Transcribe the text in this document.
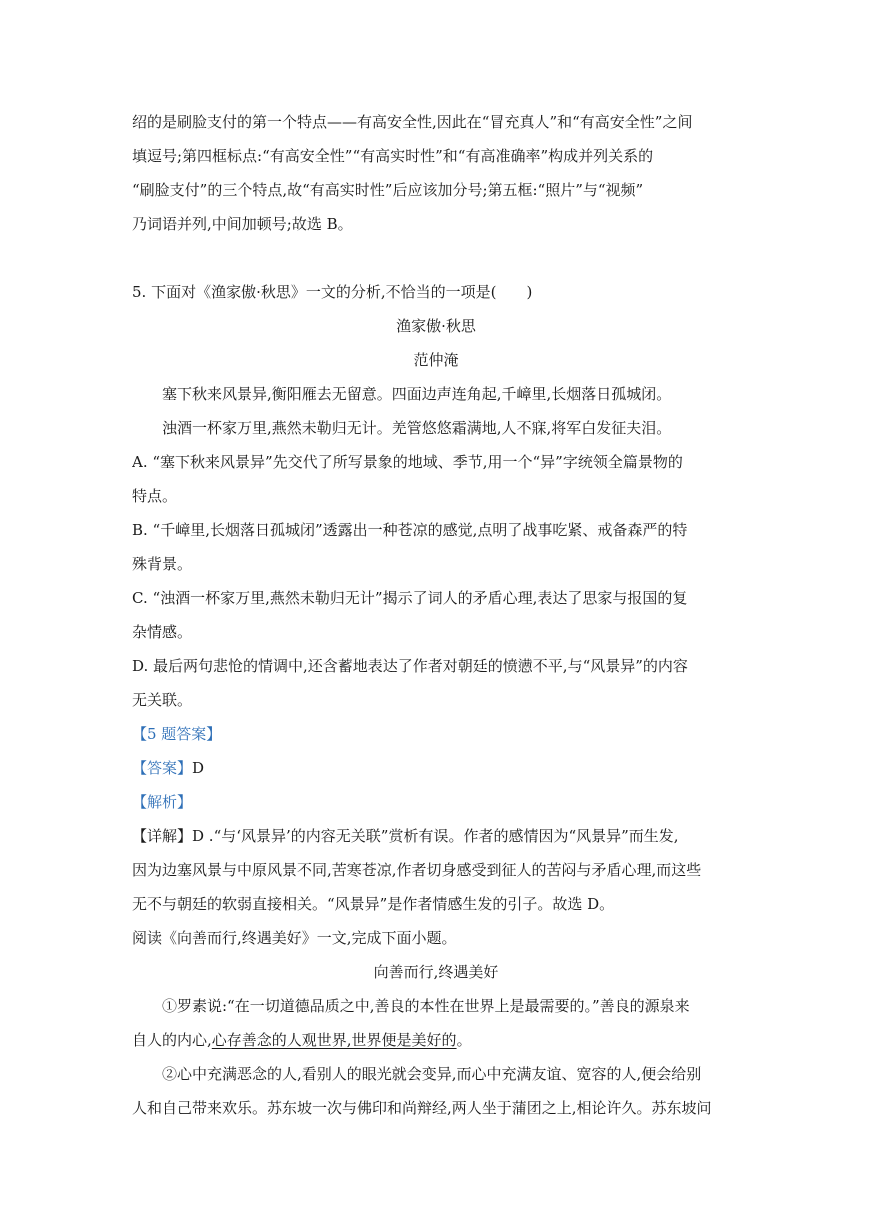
绍的是刷脸支付的第一个特点——有高安全性,因此在“冒充真人”和“有高安全性”之间
填逗号;第四框标点:“有高安全性”“有高实时性”和“有高准确率”构成并列关系的
“刷脸支付”的三个特点,故“有高实时性”后应该加分号;第五框:“照片”与“视频”
乃词语并列,中间加顿号;故选 B。
5. 下面对《渔家傲·秋思》一文的分析,不恰当的一项是(　　)
渔家傲·秋思
范仲淹
塞下秋来风景异,衡阳雁去无留意。四面边声连角起,千嶂里,长烟落日孤城闭。
浊酒一杯家万里,燕然未勒归无计。羌管悠悠霜满地,人不寐,将军白发征夫泪。
A. “塞下秋来风景异”先交代了所写景象的地域、季节,用一个“异”字统领全篇景物的
特点。
B. “千嶂里,长烟落日孤城闭”透露出一种苍凉的感觉,点明了战事吃紧、戒备森严的特
殊背景。
C. “浊酒一杯家万里,燕然未勒归无计”揭示了词人的矛盾心理,表达了思家与报国的复
杂情感。
D. 最后两句悲怆的情调中,还含蓄地表达了作者对朝廷的愤懑不平,与“风景异”的内容
无关联。
【5 题答案】
【答案】D
【解析】
【详解】D .“与‘风景异’的内容无关联”赏析有误。作者的感情因为“风景异”而生发,
因为边塞风景与中原风景不同,苦寒苍凉,作者切身感受到征人的苦闷与矛盾心理,而这些
无不与朝廷的软弱直接相关。“风景异”是作者情感生发的引子。故选 D。
阅读《向善而行,终遇美好》一文,完成下面小题。
向善而行,终遇美好
①罗素说:“在一切道德品质之中,善良的本性在世界上是最需要的。”善良的源泉来
自人的内心,心存善念的人观世界,世界便是美好的。
②心中充满恶念的人,看别人的眼光就会变异,而心中充满友谊、宽容的人,便会给别
人和自己带来欢乐。苏东坡一次与佛印和尚辩经,两人坐于蒲团之上,相论许久。苏东坡问
